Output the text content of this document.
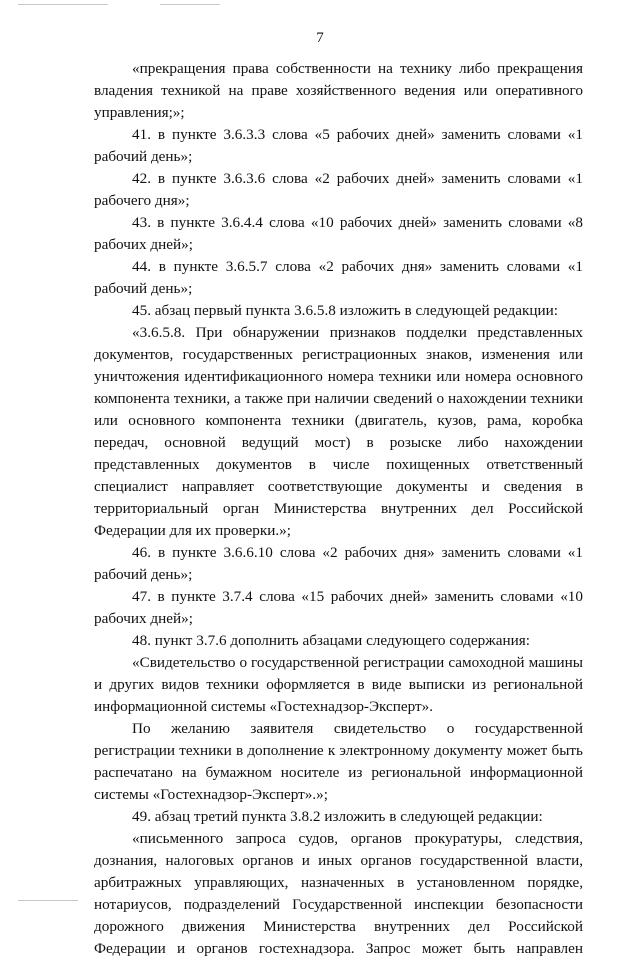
7

«прекращения права собственности на технику либо прекращения владения техникой на праве хозяйственного ведения или оперативного управления;»;

41. в пункте 3.6.3.3 слова «5 рабочих дней» заменить словами «1 рабочий день»;

42. в пункте 3.6.3.6 слова «2 рабочих дней» заменить словами «1 рабочего дня»;

43. в пункте 3.6.4.4 слова «10 рабочих дней» заменить словами «8 рабочих дней»;

44. в пункте 3.6.5.7 слова «2 рабочих дня» заменить словами «1 рабочий день»;

45. абзац первый пункта 3.6.5.8 изложить в следующей редакции:

«3.6.5.8. При обнаружении признаков подделки представленных документов, государственных регистрационных знаков, изменения или уничтожения идентификационного номера техники или номера основного компонента техники, а также при наличии сведений о нахождении техники или основного компонента техники (двигатель, кузов, рама, коробка передач, основной ведущий мост) в розыске либо нахождении представленных документов в числе похищенных ответственный специалист направляет соответствующие документы и сведения в территориальный орган Министерства внутренних дел Российской Федерации для их проверки.»;

46. в пункте 3.6.6.10 слова «2 рабочих дня» заменить словами «1 рабочий день»;

47. в пункте 3.7.4 слова «15 рабочих дней» заменить словами «10 рабочих дней»;

48. пункт 3.7.6 дополнить абзацами следующего содержания:

«Свидетельство о государственной регистрации самоходной машины и других видов техники оформляется в виде выписки из региональной информационной системы «Гостехнадзор-Эксперт».

По желанию заявителя свидетельство о государственной регистрации техники в дополнение к электронному документу может быть распечатано на бумажном носителе из региональной информационной системы «Гостехнадзор-Эксперт».»;

49. абзац третий пункта 3.8.2 изложить в следующей редакции:

«письменного запроса судов, органов прокуратуры, следствия, дознания, налоговых органов и иных органов государственной власти, арбитражных управляющих, назначенных в установленном порядке, нотариусов, подразделений Государственной инспекции безопасности дорожного движения Министерства внутренних дел Российской Федерации и органов гостехнадзора. Запрос может быть направлен
